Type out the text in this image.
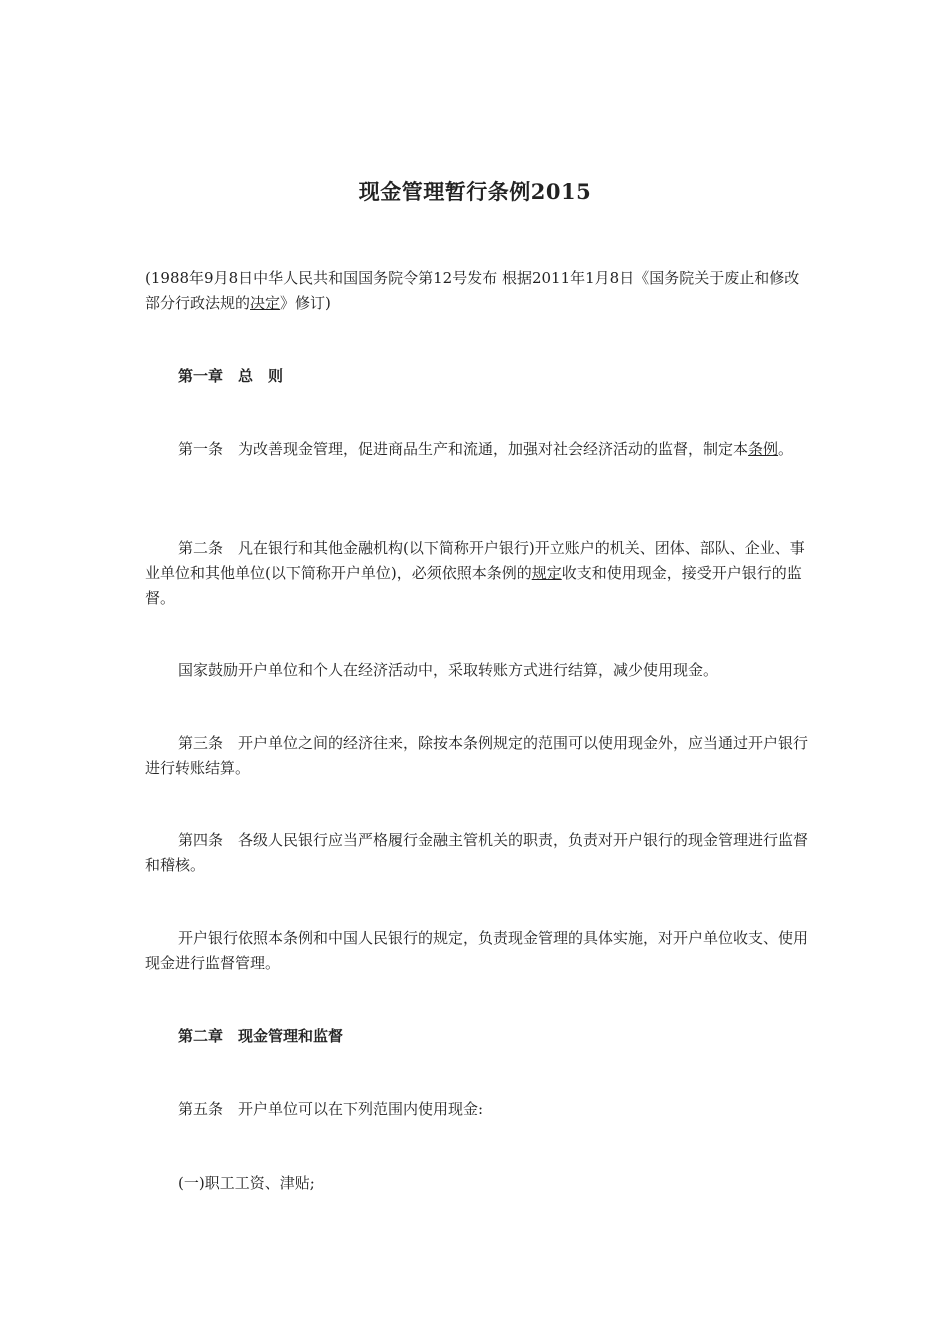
现金管理暂行条例2015

(1988年9月8日中华人民共和国国务院令第12号发布 根据2011年1月8日《国务院关于废止和修改部分行政法规的决定》修订)

第一章　总　则

第一条　为改善现金管理，促进商品生产和流通，加强对社会经济活动的监督，制定本条例。

第二条　凡在银行和其他金融机构(以下简称开户银行)开立账户的机关、团体、部队、企业、事业单位和其他单位(以下简称开户单位)，必须依照本条例的规定收支和使用现金，接受开户银行的监督。

国家鼓励开户单位和个人在经济活动中，采取转账方式进行结算，减少使用现金。

第三条　开户单位之间的经济往来，除按本条例规定的范围可以使用现金外，应当通过开户银行进行转账结算。

第四条　各级人民银行应当严格履行金融主管机关的职责，负责对开户银行的现金管理进行监督和稽核。

开户银行依照本条例和中国人民银行的规定，负责现金管理的具体实施，对开户单位收支、使用现金进行监督管理。

第二章　现金管理和监督

第五条　开户单位可以在下列范围内使用现金:

(一)职工工资、津贴;
